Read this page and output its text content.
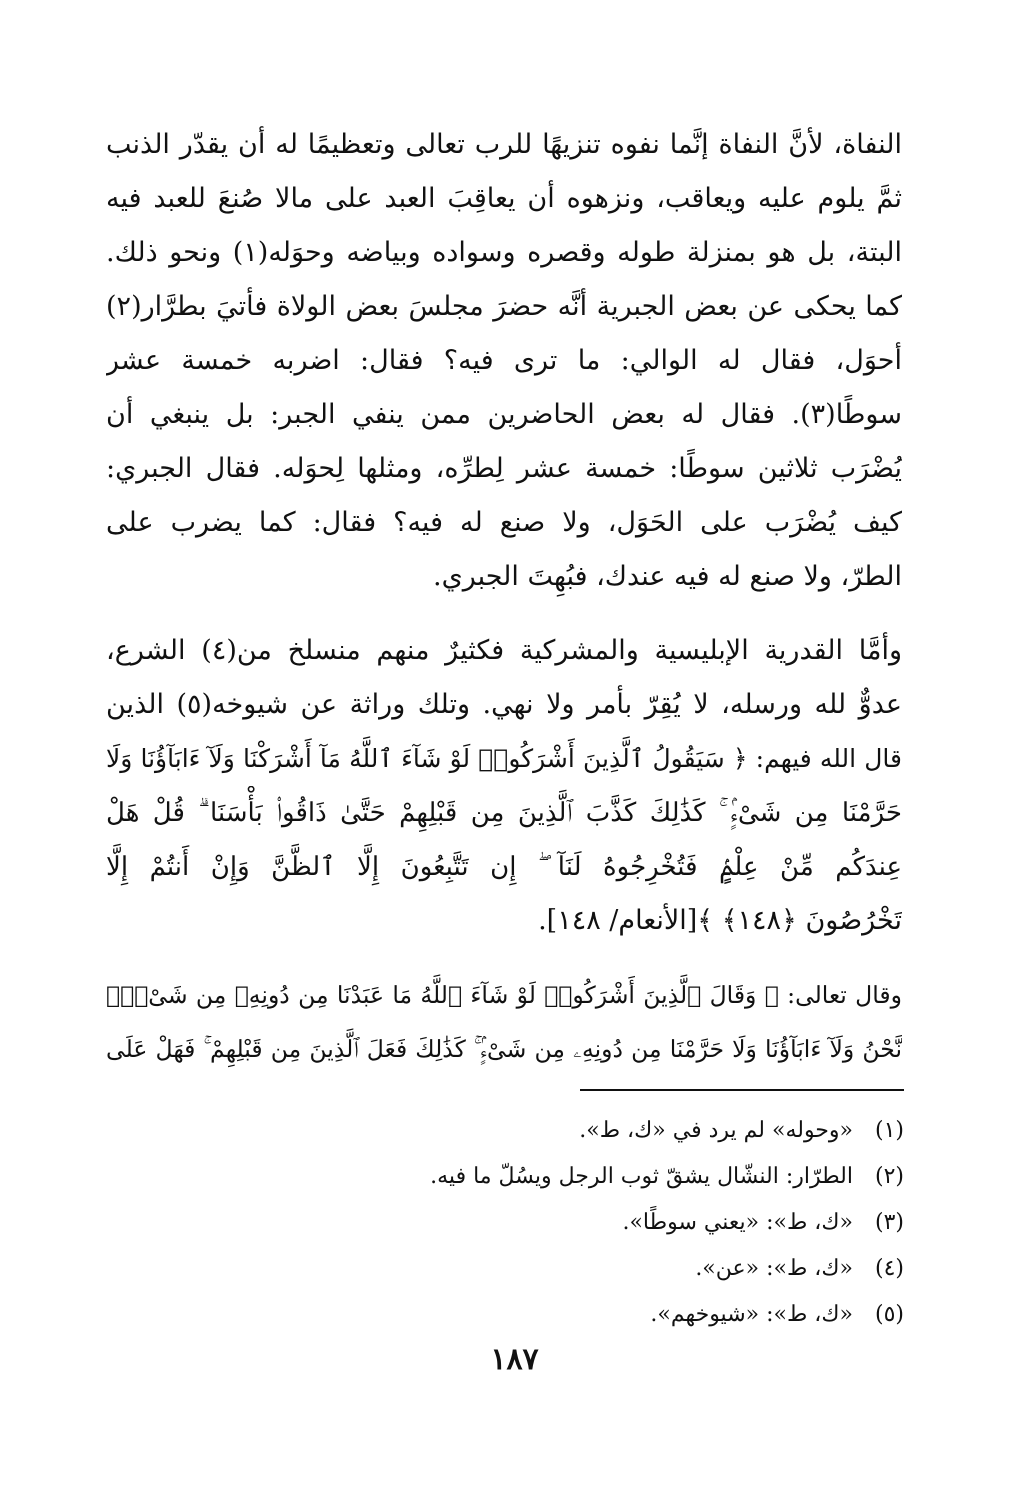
النفاة، لأنَّ النفاة إنَّما نفوه تنزيهًا للرب تعالى وتعظيمًا له أن يقدّر الذنب
ثمَّ يلوم عليه ويعاقب، ونزهوه أن يعاقِبَ العبد على مالا صُنعَ للعبد فيه
البتة، بل هو بمنزلة طوله وقصره وسواده وبياضه وحوَله(١) ونحو ذلك.
كما يحكى عن بعض الجبرية أنَّه حضرَ مجلسَ بعض الولاة فأتيَ بطرَّار(٢)
أحوَل، فقال له الوالي: ما ترى فيه؟ فقال: اضربه خمسة عشر
سوطًا(٣). فقال له بعض الحاضرين ممن ينفي الجبر: بل ينبغي أن
يُضْرَب ثلاثين سوطًا: خمسة عشر لِطرِّه، ومثلها لِحوَله. فقال الجبري:
كيف يُضْرَب على الحَوَل، ولا صنع له فيه؟ فقال: كما يضرب على
الطرّ، ولا صنع له فيه عندك، فبُهِتَ الجبري.
وأمَّا القدرية الإبليسية والمشركية فكثيرٌ منهم منسلخ من(٤) الشرع،
عدوٌّ لله ورسله، لا يُقِرّ بأمر ولا نهي. وتلك وراثة عن شيوخه(٥) الذين
قال الله فيهم: ﴿ سَيَقُولُ ٱلَّذِينَ أَشْرَكُوا۟ لَوْ شَآءَ ٱللَّهُ مَآ أَشْرَكْنَا وَلَآ ءَابَآؤُنَا وَلَا
حَرَّمْنَا مِن شَىْءٍۢ ۚ كَذَٰلِكَ كَذَّبَ ٱلَّذِينَ مِن قَبْلِهِمْ حَتَّىٰ ذَاقُوا۟ بَأْسَنَا ۗ قُلْ هَلْ
عِندَكُم مِّنْ عِلْمٍۢ فَتُخْرِجُوهُ لَنَآ ۖ إِن تَتَّبِعُونَ إِلَّا ٱلظَّنَّ وَإِنْ أَنتُمْ إِلَّا
تَخْرُصُونَ ﴿١٤٨﴾ ﴾[الأنعام/ ١٤٨].
وقال تعالى: ﴿ وَقَالَ ٱلَّذِينَ أَشْرَكُوا۟ لَوْ شَآءَ ٱللَّهُ مَا عَبَدْنَا مِن دُونِهِۦ مِن شَىْءٍۢ
نَّحْنُ وَلَآ ءَابَآؤُنَا وَلَا حَرَّمْنَا مِن دُونِهِۦ مِن شَىْءٍۢ ۚ كَذَٰلِكَ فَعَلَ ٱلَّذِينَ مِن قَبْلِهِمْ ۚ فَهَلْ عَلَى
(١) «وحوله» لم يرد في «ك، ط».
(٢) الطرّار: النشّال يشقّ ثوب الرجل ويسُلّ ما فيه.
(٣) «ك، ط»: «يعني سوطًا».
(٤) «ك، ط»: «عن».
(٥) «ك، ط»: «شيوخهم».
١٨٧
